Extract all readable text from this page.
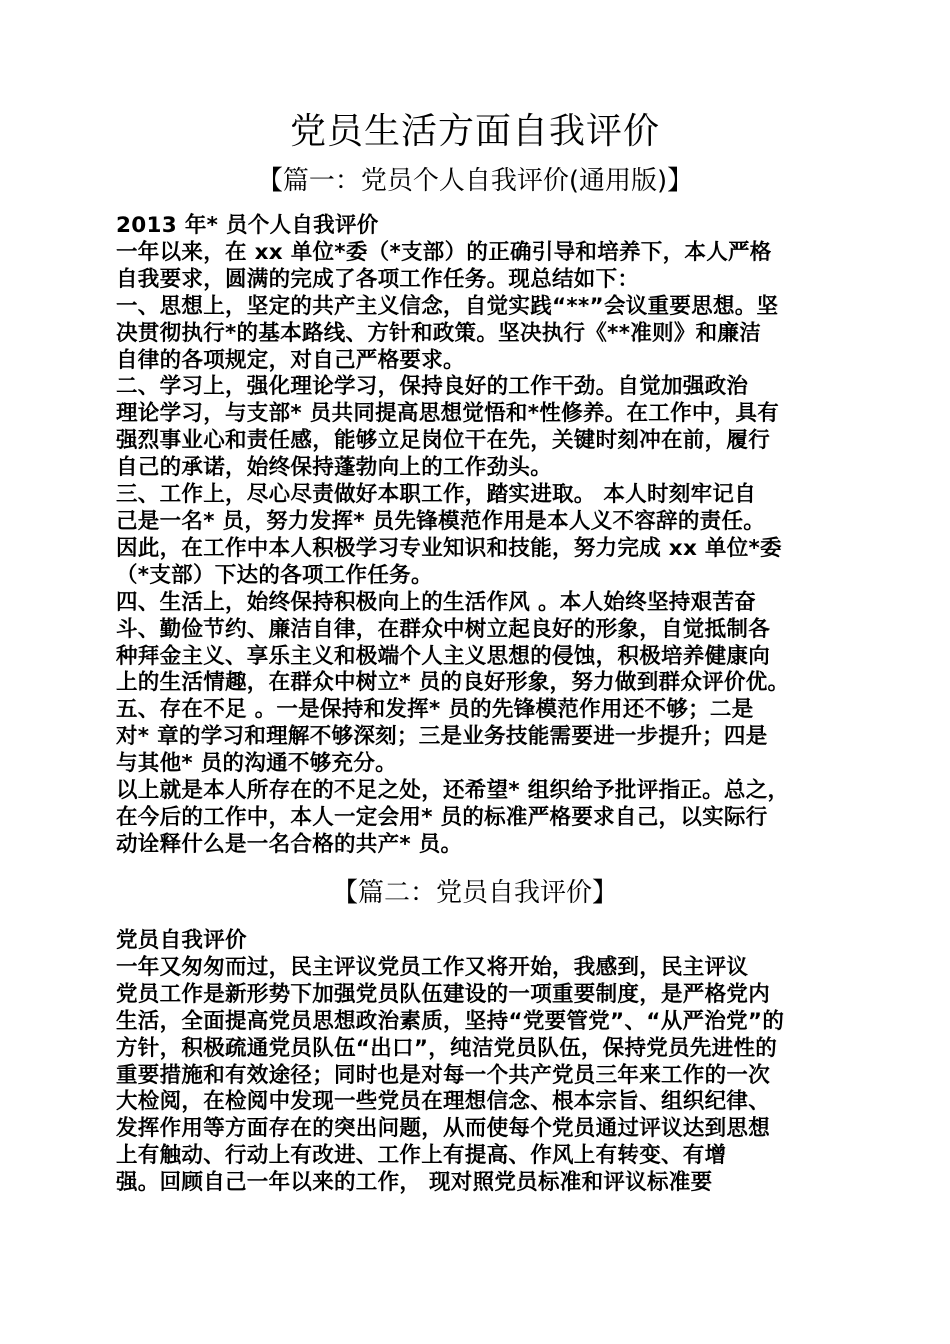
党员生活方面自我评价
【篇一：党员个人自我评价(通用版)】

2013 年* 员个人自我评价

一年以来，在 xx 单位*委（*支部）的正确引导和培养下，本人严格

自我要求，圆满的完成了各项工作任务。现总结如下：

一、思想上，坚定的共产主义信念，自觉实践“**”会议重要思想。坚

决贯彻执行*的基本路线、方针和政策。坚决执行《**准则》和廉洁

自律的各项规定，对自己严格要求。

二、学习上，强化理论学习，保持良好的工作干劲。自觉加强政治

理论学习，与支部* 员共同提高思想觉悟和*性修养。在工作中，具有

强烈事业心和责任感，能够立足岗位干在先，关键时刻冲在前，履行

自己的承诺，始终保持蓬勃向上的工作劲头。

三、工作上，尽心尽责做好本职工作，踏实进取。 本人时刻牢记自

己是一名* 员，努力发挥* 员先锋模范作用是本人义不容辞的责任。

因此，在工作中本人积极学习专业知识和技能，努力完成 xx 单位*委

（*支部）下达的各项工作任务。

四、生活上，始终保持积极向上的生活作风 。本人始终坚持艰苦奋

斗、勤俭节约、廉洁自律，在群众中树立起良好的形象，自觉抵制各

种拜金主义、享乐主义和极端个人主义思想的侵蚀，积极培养健康向

上的生活情趣，在群众中树立* 员的良好形象，努力做到群众评价优。

五、存在不足 。一是保持和发挥* 员的先锋模范作用还不够；二是

对* 章的学习和理解不够深刻；三是业务技能需要进一步提升；四是

与其他* 员的沟通不够充分。

以上就是本人所存在的不足之处，还希望* 组织给予批评指正。总之，

在今后的工作中，本人一定会用* 员的标准严格要求自己，以实际行

动诠释什么是一名合格的共产* 员。

【篇二：党员自我评价】

党员自我评价

一年又匆匆而过，民主评议党员工作又将开始，我感到，民主评议

党员工作是新形势下加强党员队伍建设的一项重要制度，是严格党内

生活，全面提高党员思想政治素质，坚持“党要管党”、“从严治党”的

方针，积极疏通党员队伍“出口”，纯洁党员队伍，保持党员先进性的

重要措施和有效途径；同时也是对每一个共产党员三年来工作的一次

大检阅，在检阅中发现一些党员在理想信念、根本宗旨、组织纪律、

发挥作用等方面存在的突出问题，从而使每个党员通过评议达到思想

上有触动、行动上有改进、工作上有提高、作风上有转变、有增

强。回顾自己一年以来的工作， 现对照党员标准和评议标准要
